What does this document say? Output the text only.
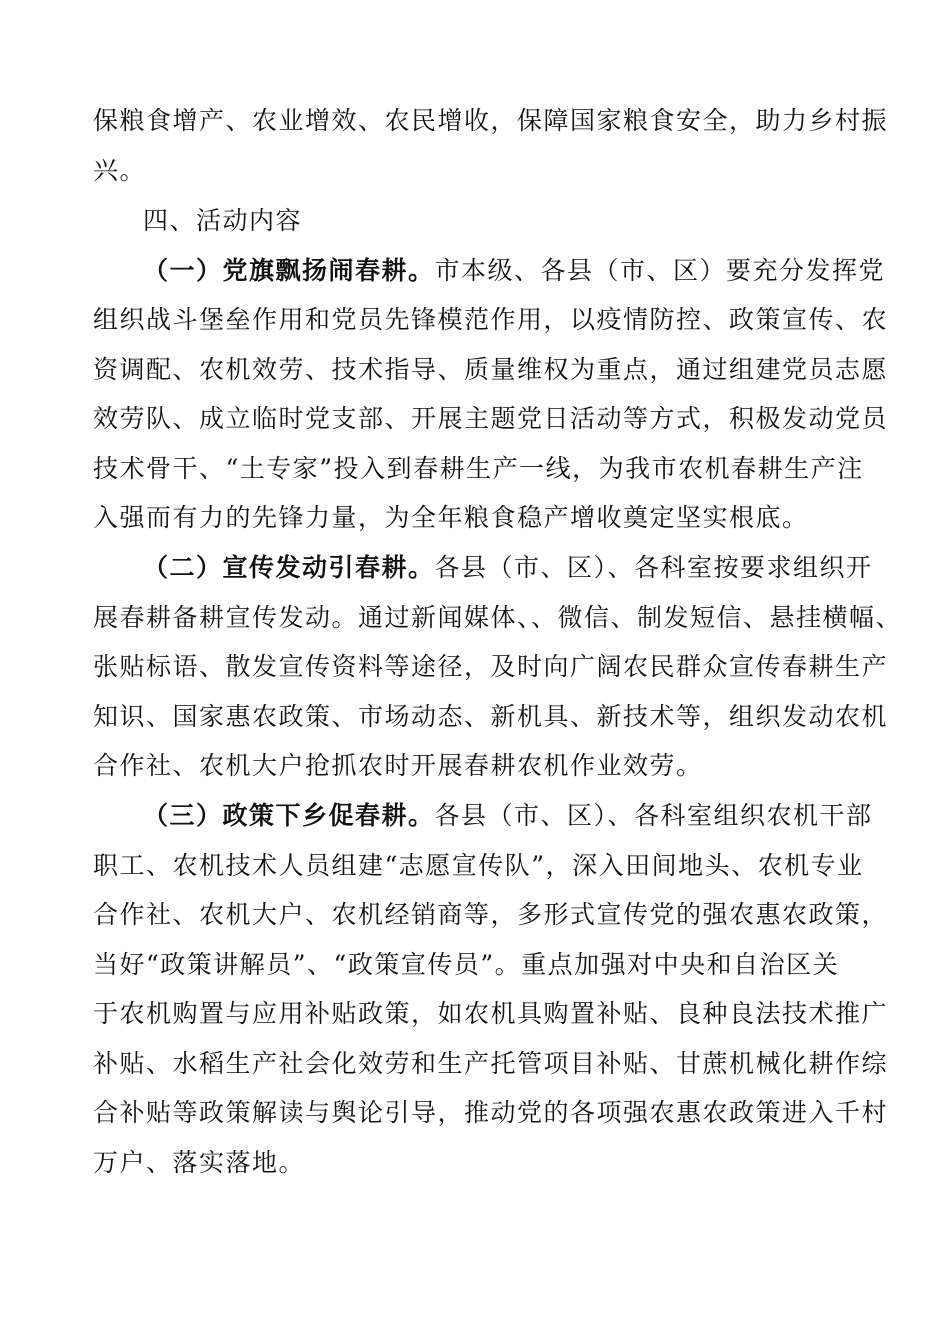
保粮食增产、农业增效、农民增收，保障国家粮食安全，助力乡村振
兴。
四、活动内容
（一）党旗飘扬闹春耕。市本级、各县（市、区）要充分发挥党
组织战斗堡垒作用和党员先锋模范作用，以疫情防控、政策宣传、农
资调配、农机效劳、技术指导、质量维权为重点，通过组建党员志愿
效劳队、成立临时党支部、开展主题党日活动等方式，积极发动党员
技术骨干、“土专家”投入到春耕生产一线，为我市农机春耕生产注
入强而有力的先锋力量，为全年粮食稳产增收奠定坚实根底。
（二）宣传发动引春耕。各县（市、区）、各科室按要求组织开
展春耕备耕宣传发动。通过新闻媒体、、微信、制发短信、悬挂横幅、
张贴标语、散发宣传资料等途径，及时向广阔农民群众宣传春耕生产
知识、国家惠农政策、市场动态、新机具、新技术等，组织发动农机
合作社、农机大户抢抓农时开展春耕农机作业效劳。
（三）政策下乡促春耕。各县（市、区）、各科室组织农机干部
职工、农机技术人员组建“志愿宣传队”，深入田间地头、农机专业
合作社、农机大户、农机经销商等，多形式宣传党的强农惠农政策，
当好“政策讲解员”、“政策宣传员”。重点加强对中央和自治区关
于农机购置与应用补贴政策，如农机具购置补贴、良种良法技术推广
补贴、水稻生产社会化效劳和生产托管项目补贴、甘蔗机械化耕作综
合补贴等政策解读与舆论引导，推动党的各项强农惠农政策进入千村
万户、落实落地。
